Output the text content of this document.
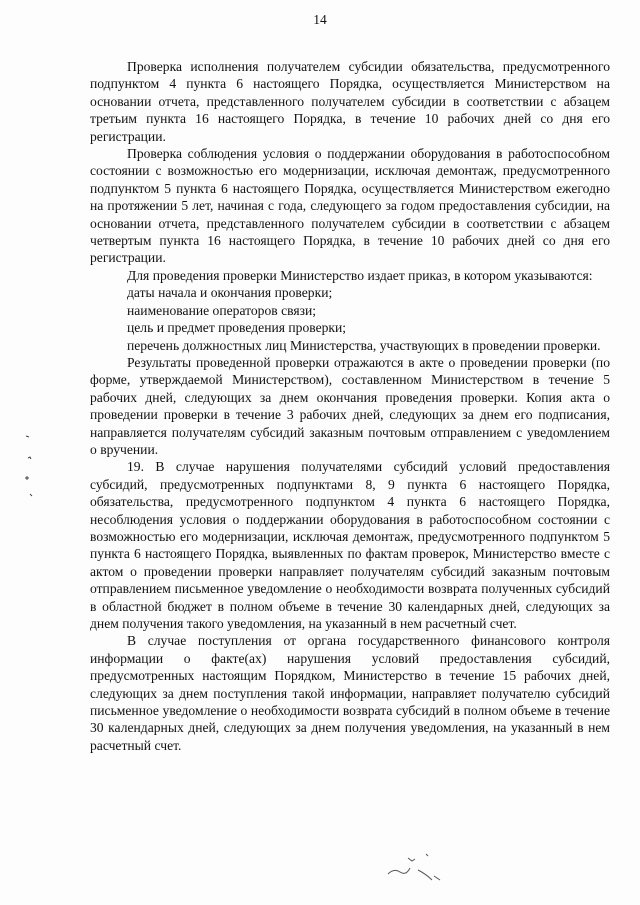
14

Проверка исполнения получателем субсидии обязательства, предусмотренного подпунктом 4 пункта 6 настоящего Порядка, осуществляется Министерством на основании отчета, представленного получателем субсидии в соответствии с абзацем третьим пункта 16 настоящего Порядка, в течение 10 рабочих дней со дня его регистрации.

Проверка соблюдения условия о поддержании оборудования в работоспособном состоянии с возможностью его модернизации, исключая демонтаж, предусмотренного подпунктом 5 пункта 6 настоящего Порядка, осуществляется Министерством ежегодно на протяжении 5 лет, начиная с года, следующего за годом предоставления субсидии, на основании отчета, представленного получателем субсидии в соответствии с абзацем четвертым пункта 16 настоящего Порядка, в течение 10 рабочих дней со дня его регистрации.

Для проведения проверки Министерство издает приказ, в котором указываются:

даты начала и окончания проверки;

наименование операторов связи;

цель и предмет проведения проверки;

перечень должностных лиц Министерства, участвующих в проведении проверки.

Результаты проведенной проверки отражаются в акте о проведении проверки (по форме, утверждаемой Министерством), составленном Министерством в течение 5 рабочих дней, следующих за днем окончания проведения проверки. Копия акта о проведении проверки в течение 3 рабочих дней, следующих за днем его подписания, направляется получателям субсидий заказным почтовым отправлением с уведомлением о вручении.

19. В случае нарушения получателями субсидий условий предоставления субсидий, предусмотренных подпунктами 8, 9 пункта 6 настоящего Порядка, обязательства, предусмотренного подпунктом 4 пункта 6 настоящего Порядка, несоблюдения условия о поддержании оборудования в работоспособном состоянии с возможностью его модернизации, исключая демонтаж, предусмотренного подпунктом 5 пункта 6 настоящего Порядка, выявленных по фактам проверок, Министерство вместе с актом о проведении проверки направляет получателям субсидий заказным почтовым отправлением письменное уведомление о необходимости возврата полученных субсидий в областной бюджет в полном объеме в течение 30 календарных дней, следующих за днем получения такого уведомления, на указанный в нем расчетный счет.

В случае поступления от органа государственного финансового контроля информации о факте(ах) нарушения условий предоставления субсидий, предусмотренных настоящим Порядком, Министерство в течение 15 рабочих дней, следующих за днем поступления такой информации, направляет получателю субсидий письменное уведомление о необходимости возврата субсидий в полном объеме в течение 30 календарных дней, следующих за днем получения уведомления, на указанный в нем расчетный счет.
